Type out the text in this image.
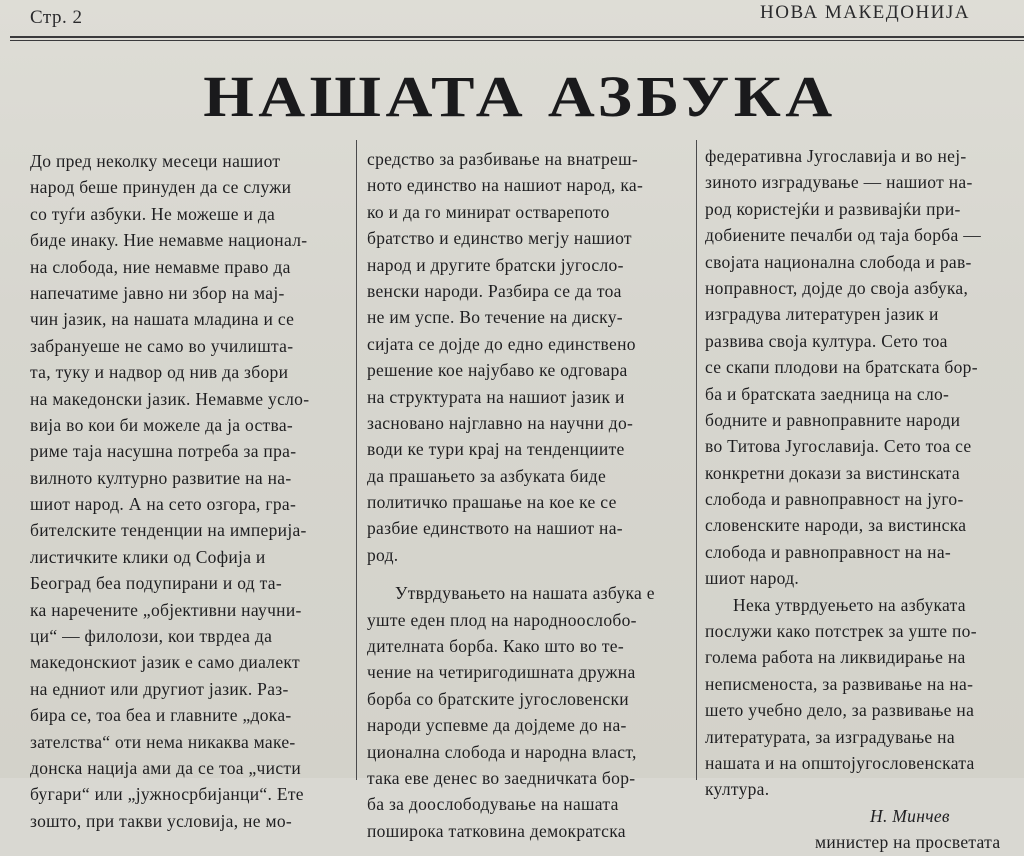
Стр. 2	НОВА МАКЕДОНИЈА
НАШАТА АЗБУКА
До пред неколку месеци нашиот
народ беше принуден да се служи
со туѓи азбуки. Не можеше и да
биде инаку. Ние немавме национал-
на слобода, ние немавме право да
напечатиме јавно ни збор на мај-
чин јазик, на нашата младина и се
забрануеше не само во училишта-
та, туку и надвор од нив да збори
на македонски јазик. Немавме усло-
вија во кои би можеле да ја оства-
риме таја насушна потреба за пра-
вилното културно развитие на на-
шиот народ. А на сето озгора, гра-
бителските тенденции на империја-
листичките клики од Софија и
Београд беа подупирани и од та-
ка наречените „објективни научни-
ци“ — филолози, кои тврдеа да
македонскиот јазик е само диалект
на едниот или другиот јазик. Раз-
бира се, тоа беа и главните „дока-
зателства“ оти нема никаква маке-
донска нација ами да се тоа „чисти
бугари“ или „јужносрбијанци“. Ете
зошто, при такви условија, не мо-
средство за разбивање на внатреш-
ното единство на нашиот народ, ка-
ко и да го минират остварепото
братство и единство мегју нашиот
народ и другите братски југосло-
венски народи. Разбира се да тоа
не им успе. Во течение на диску-
сијата се дојде до едно единствено
решение кое најубаво ке одговара
на структурата на нашиот јазик и
засновано најглавно на научни до-
води ке тури крај на тенденциите
да прашањето за азбуката биде
политичко прашање на кое ке се
разбие единството на нашиот на-
род.
Утврдувањето на нашата азбука е
уште еден плод на народноослобо-
дителната борба. Како што во те-
чение на четиригодишната дружна
борба со братските југословенски
народи успевме да дојдеме до на-
ционална слобода и народна власт,
така еве денес во заедничката бор-
ба за доослободување на нашата
поширока татковина демократска
федеративна Југославија и во неј-
зиното изградување — нашиот на-
род користејќи и развивајќи при-
добиените печалби од таја борба —
својата национална слобода и рав-
ноправност, дојде до своја азбука,
изградува литературен јазик и
развива своја култура. Сето тоа
се скапи плодови на братската бор-
ба и братската заедница на сло-
бодните и равноправните народи
во Титова Југославија. Сето тоа се
конкретни докази за вистинската
слобода и равноправност на југо-
словенските народи, за вистинска
слобода и равноправност на на-
шиот народ.
Нека утврдуењето на азбуката
послужи како потстрек за уште по-
голема работа на ликвидирање на
неписменоста, за развивање на на-
шето учебно дело, за развивање на
литературата, за изградување на
нашата и на општојугословенската
култура.
Н. Минчев
министер на просветата
